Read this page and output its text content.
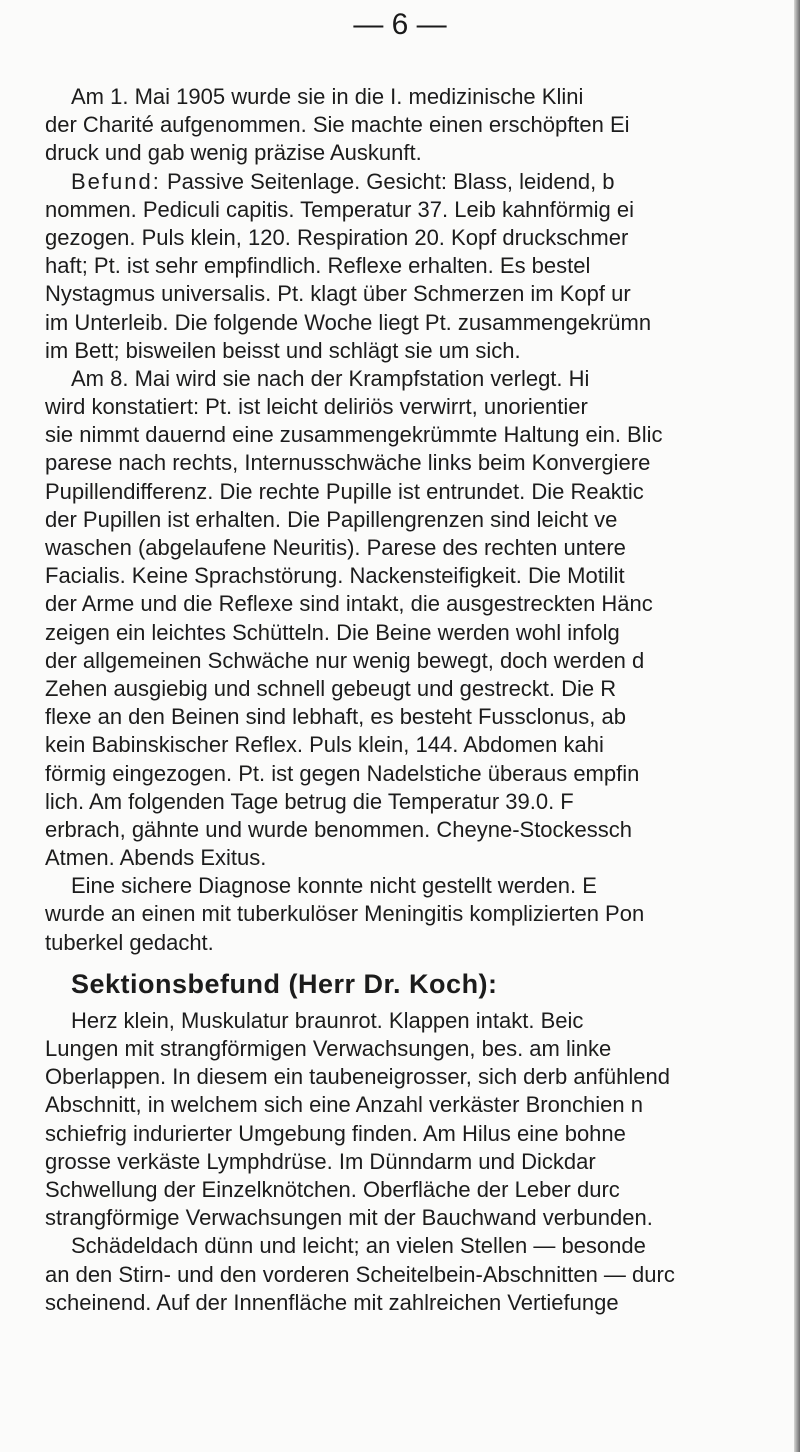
— 6 —
Am 1. Mai 1905 wurde sie in die I. medizinische Klini
der Charité aufgenommen. Sie machte einen erschöpften Ei
druck und gab wenig präzise Auskunft.
Befund: Passive Seitenlage. Gesicht: Blass, leidend, b
nommen. Pediculi capitis. Temperatur 37. Leib kahnförmig ei
gezogen. Puls klein, 120. Respiration 20. Kopf druckschmer
haft; Pt. ist sehr empfindlich. Reflexe erhalten. Es bestel
Nystagmus universalis. Pt. klagt über Schmerzen im Kopf ur
im Unterleib. Die folgende Woche liegt Pt. zusammengekrümn
im Bett; bisweilen beisst und schlägt sie um sich.
Am 8. Mai wird sie nach der Krampfstation verlegt. Hi
wird konstatiert: Pt. ist leicht deliriös verwirrt, unorientier
sie nimmt dauernd eine zusammengekrümmte Haltung ein. Blic
parese nach rechts, Internusschwäche links beim Konvergiere
Pupillendifferenz. Die rechte Pupille ist entrundet. Die Reaktic
der Pupillen ist erhalten. Die Papillengrenzen sind leicht ve
waschen (abgelaufene Neuritis). Parese des rechten untere
Facialis. Keine Sprachstörung. Nackensteifigkeit. Die Motilit
der Arme und die Reflexe sind intakt, die ausgestreckten Hänc
zeigen ein leichtes Schütteln. Die Beine werden wohl infolg
der allgemeinen Schwäche nur wenig bewegt, doch werden d
Zehen ausgiebig und schnell gebeugt und gestreckt. Die R
flexe an den Beinen sind lebhaft, es besteht Fussclonus, ab
kein Babinskischer Reflex. Puls klein, 144. Abdomen kahi
förmig eingezogen. Pt. ist gegen Nadelstiche überaus empfin
lich. Am folgenden Tage betrug die Temperatur 39.0. F
erbrach, gähnte und wurde benommen. Cheyne-Stockessch
Atmen. Abends Exitus.
Eine sichere Diagnose konnte nicht gestellt werden. E
wurde an einen mit tuberkulöser Meningitis komplizierten Pon
tuberkel gedacht.
Sektionsbefund (Herr Dr. Koch):
Herz klein, Muskulatur braunrot. Klappen intakt. Beic
Lungen mit strangförmigen Verwachsungen, bes. am linke
Oberlappen. In diesem ein taubeneigrosser, sich derb anfühlend
Abschnitt, in welchem sich eine Anzahl verkäster Bronchien n
schiefrig indurierter Umgebung finden. Am Hilus eine bohne
grosse verkäste Lymphdrüse. Im Dünndarm und Dickdar
Schwellung der Einzelknötchen. Oberfläche der Leber durc
strangförmige Verwachsungen mit der Bauchwand verbunden.
Schädeldach dünn und leicht; an vielen Stellen — besonde
an den Stirn- und den vorderen Scheitelbein-Abschnitten — durc
scheinend. Auf der Innenfläche mit zahlreichen Vertiefunge
